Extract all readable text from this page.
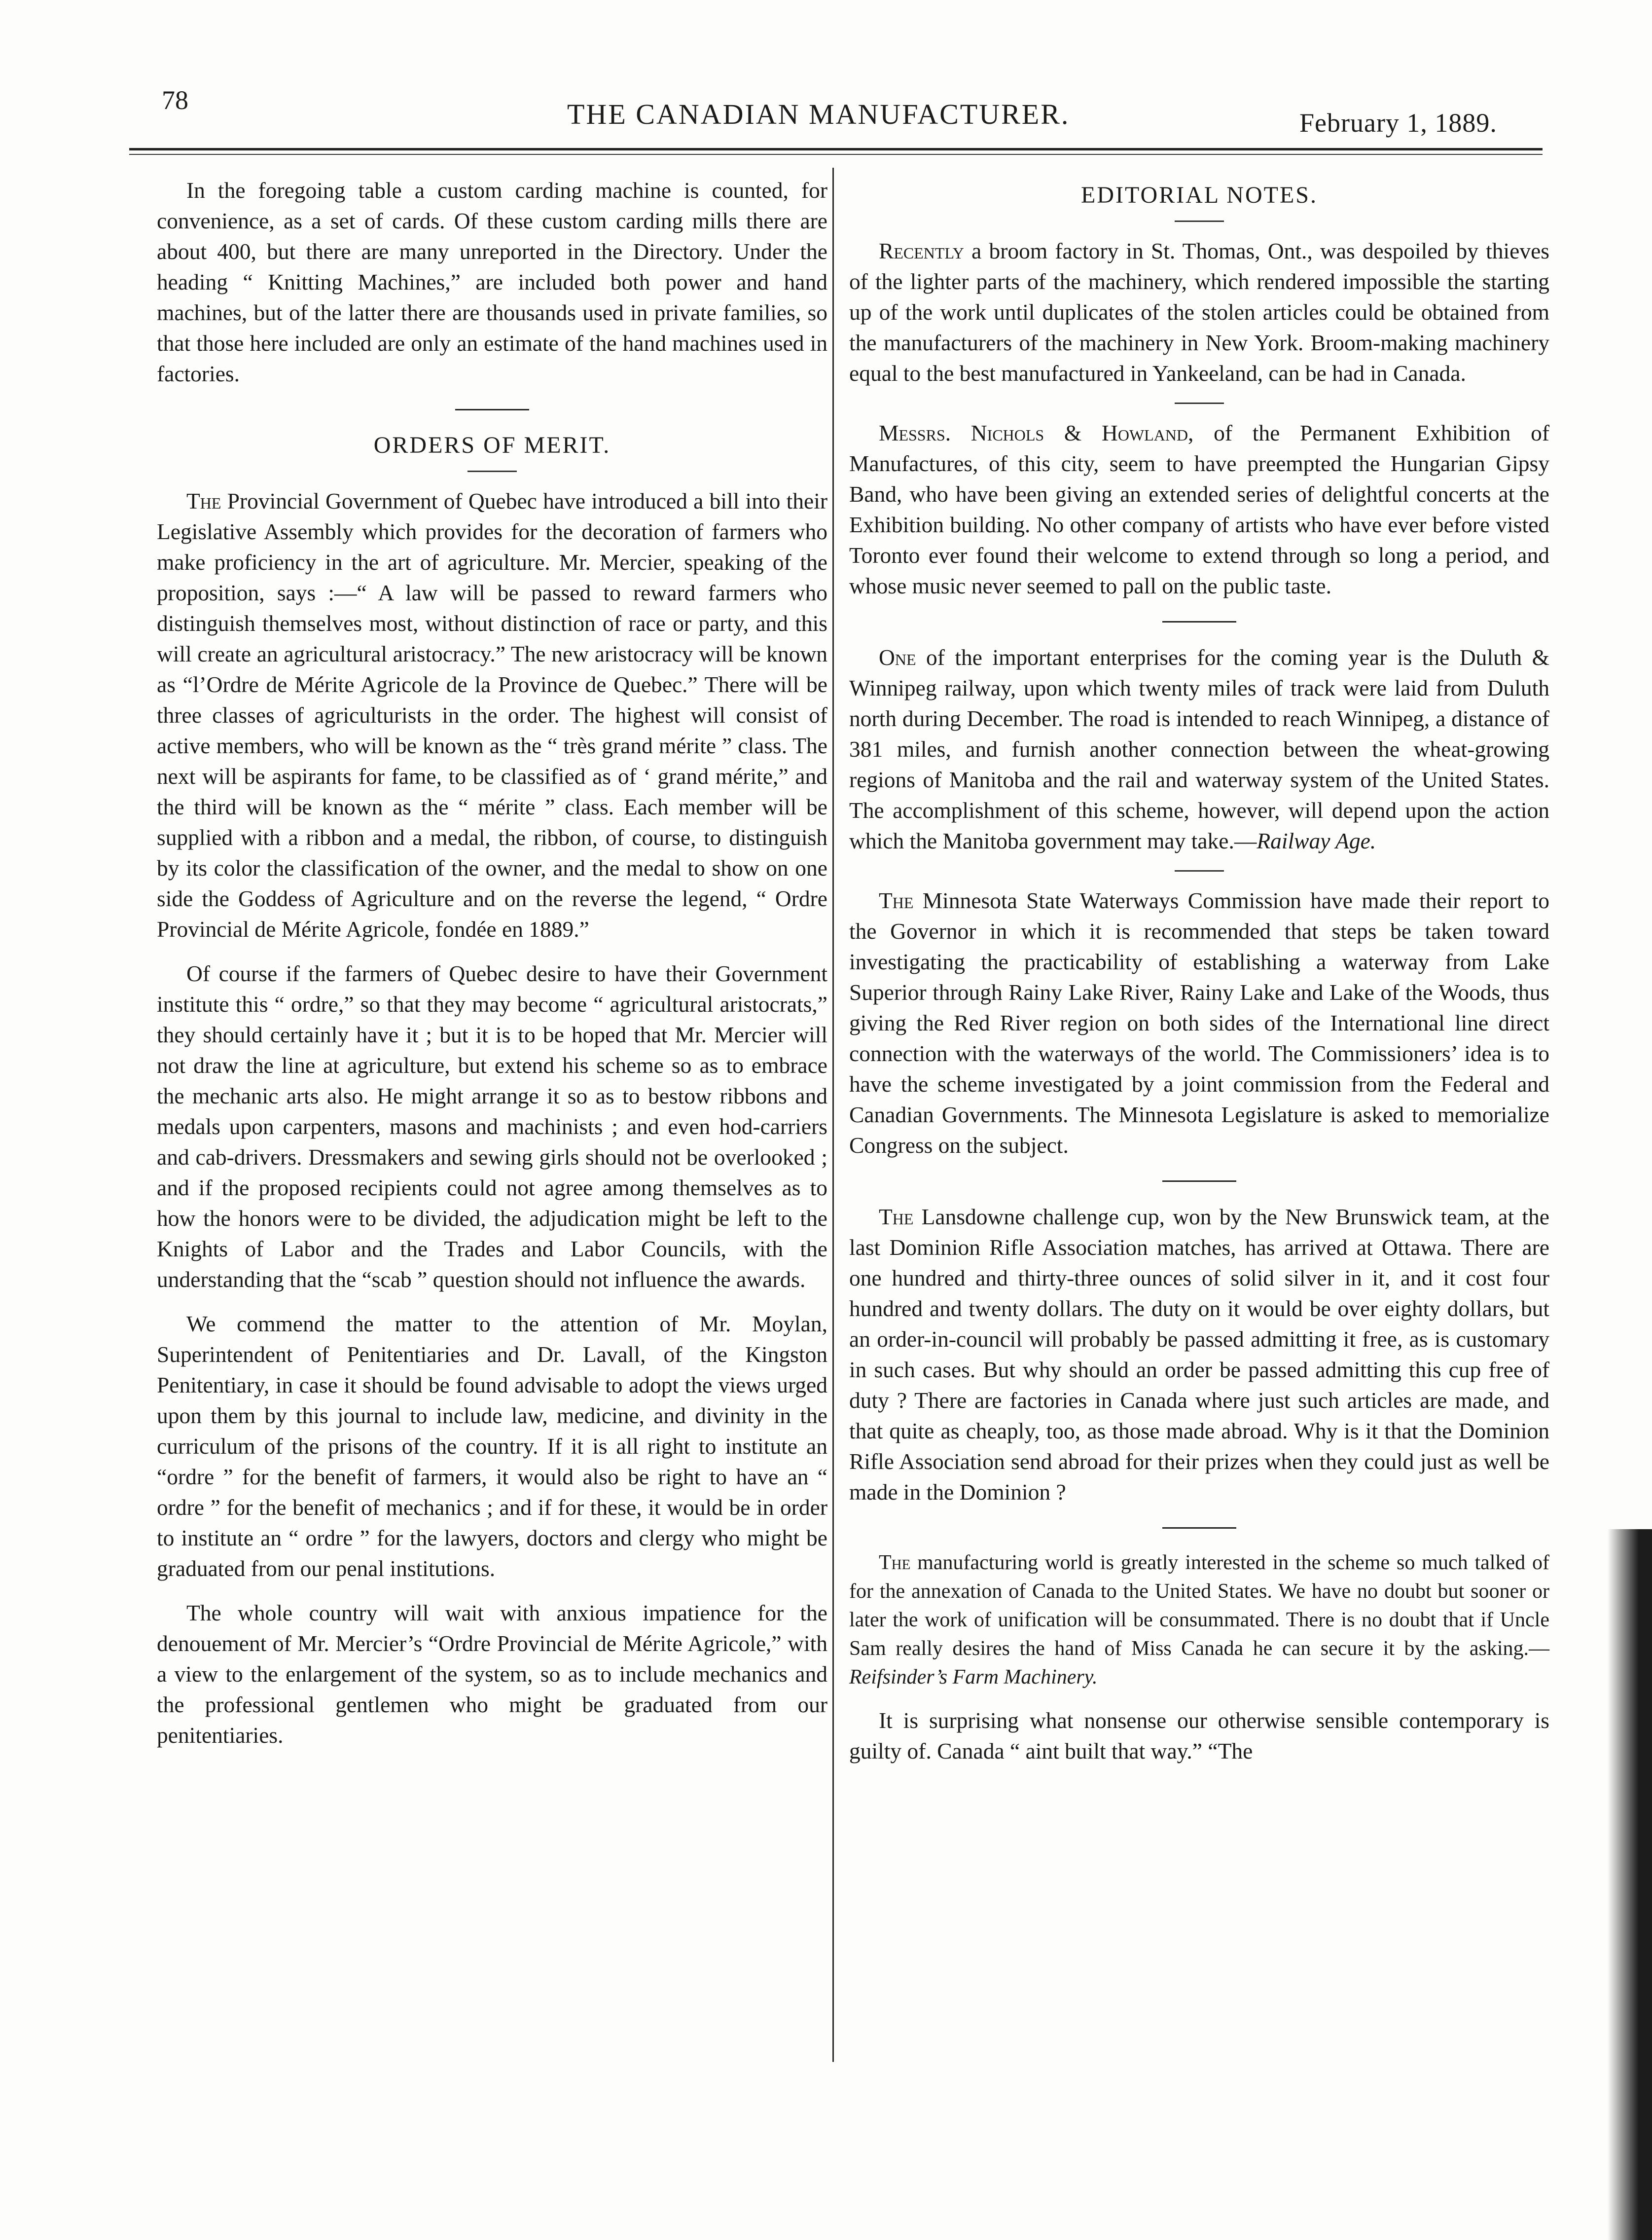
78	THE CANADIAN MANUFACTURER.	February 1, 1889.

In the foregoing table a custom carding machine is counted, for convenience, as a set of cards. Of these custom carding mills there are about 400, but there are many unreported in the Directory. Under the heading “ Knitting Machines,” are included both power and hand machines, but of the latter there are thousands used in private families, so that those here included are only an estimate of the hand machines used in factories.

ORDERS OF MERIT.

The Provincial Government of Quebec have introduced a bill into their Legislative Assembly which provides for the decoration of farmers who make proficiency in the art of agriculture. Mr. Mercier, speaking of the proposition, says :—“ A law will be passed to reward farmers who distinguish themselves most, without distinction of race or party, and this will create an agricultural aristocracy.” The new aristocracy will be known as “l’Ordre de Mérite Agricole de la Province de Quebec.” There will be three classes of agriculturists in the order. The highest will consist of active members, who will be known as the “ très grand mérite ” class. The next will be aspirants for fame, to be classified as of ‘ grand mérite,” and the third will be known as the “ mérite ” class. Each member will be supplied with a ribbon and a medal, the ribbon, of course, to distinguish by its color the classification of the owner, and the medal to show on one side the Goddess of Agriculture and on the reverse the legend, “ Ordre Provincial de Mérite Agricole, fondée en 1889.”

Of course if the farmers of Quebec desire to have their Government institute this “ ordre,” so that they may become “ agricultural aristocrats,” they should certainly have it ; but it is to be hoped that Mr. Mercier will not draw the line at agriculture, but extend his scheme so as to embrace the mechanic arts also. He might arrange it so as to bestow ribbons and medals upon carpenters, masons and machinists ; and even hod-carriers and cab-drivers. Dressmakers and sewing girls should not be overlooked ; and if the proposed recipients could not agree among themselves as to how the honors were to be divided, the adjudication might be left to the Knights of Labor and the Trades and Labor Councils, with the understanding that the “scab ” question should not influence the awards.

We commend the matter to the attention of Mr. Moylan, Superintendent of Penitentiaries and Dr. Lavall, of the Kingston Penitentiary, in case it should be found advisable to adopt the views urged upon them by this journal to include law, medicine, and divinity in the curriculum of the prisons of the country. If it is all right to institute an “ordre ” for the benefit of farmers, it would also be right to have an “ ordre ” for the benefit of mechanics ; and if for these, it would be in order to institute an “ ordre ” for the lawyers, doctors and clergy who might be graduated from our penal institutions.

The whole country will wait with anxious impatience for the denouement of Mr. Mercier’s “Ordre Provincial de Mérite Agricole,” with a view to the enlargement of the system, so as to include mechanics and the professional gentlemen who might be graduated from our penitentiaries.

EDITORIAL NOTES.

Recently a broom factory in St. Thomas, Ont., was despoiled by thieves of the lighter parts of the machinery, which rendered impossible the starting up of the work until duplicates of the stolen articles could be obtained from the manufacturers of the machinery in New York. Broom-making machinery equal to the best manufactured in Yankeeland, can be had in Canada.

Messrs. Nichols & Howland, of the Permanent Exhibition of Manufactures, of this city, seem to have preempted the Hungarian Gipsy Band, who have been giving an extended series of delightful concerts at the Exhibition building. No other company of artists who have ever before visted Toronto ever found their welcome to extend through so long a period, and whose music never seemed to pall on the public taste.

One of the important enterprises for the coming year is the Duluth & Winnipeg railway, upon which twenty miles of track were laid from Duluth north during December. The road is intended to reach Winnipeg, a distance of 381 miles, and furnish another connection between the wheat-growing regions of Manitoba and the rail and waterway system of the United States. The accomplishment of this scheme, however, will depend upon the action which the Manitoba government may take.—Railway Age.

The Minnesota State Waterways Commission have made their report to the Governor in which it is recommended that steps be taken toward investigating the practicability of establishing a waterway from Lake Superior through Rainy Lake River, Rainy Lake and Lake of the Woods, thus giving the Red River region on both sides of the International line direct connection with the waterways of the world. The Commissioners’ idea is to have the scheme investigated by a joint commission from the Federal and Canadian Governments. The Minnesota Legislature is asked to memorialize Congress on the subject.

The Lansdowne challenge cup, won by the New Brunswick team, at the last Dominion Rifle Association matches, has arrived at Ottawa. There are one hundred and thirty-three ounces of solid silver in it, and it cost four hundred and twenty dollars. The duty on it would be over eighty dollars, but an order-in-council will probably be passed admitting it free, as is customary in such cases. But why should an order be passed admitting this cup free of duty ? There are factories in Canada where just such articles are made, and that quite as cheaply, too, as those made abroad. Why is it that the Dominion Rifle Association send abroad for their prizes when they could just as well be made in the Dominion ?

The manufacturing world is greatly interested in the scheme so much talked of for the annexation of Canada to the United States. We have no doubt but sooner or later the work of unification will be consummated. There is no doubt that if Uncle Sam really desires the hand of Miss Canada he can secure it by the asking.—Reifsinder’s Farm Machinery.

It is surprising what nonsense our otherwise sensible contemporary is guilty of. Canada “ aint built that way.” “The
